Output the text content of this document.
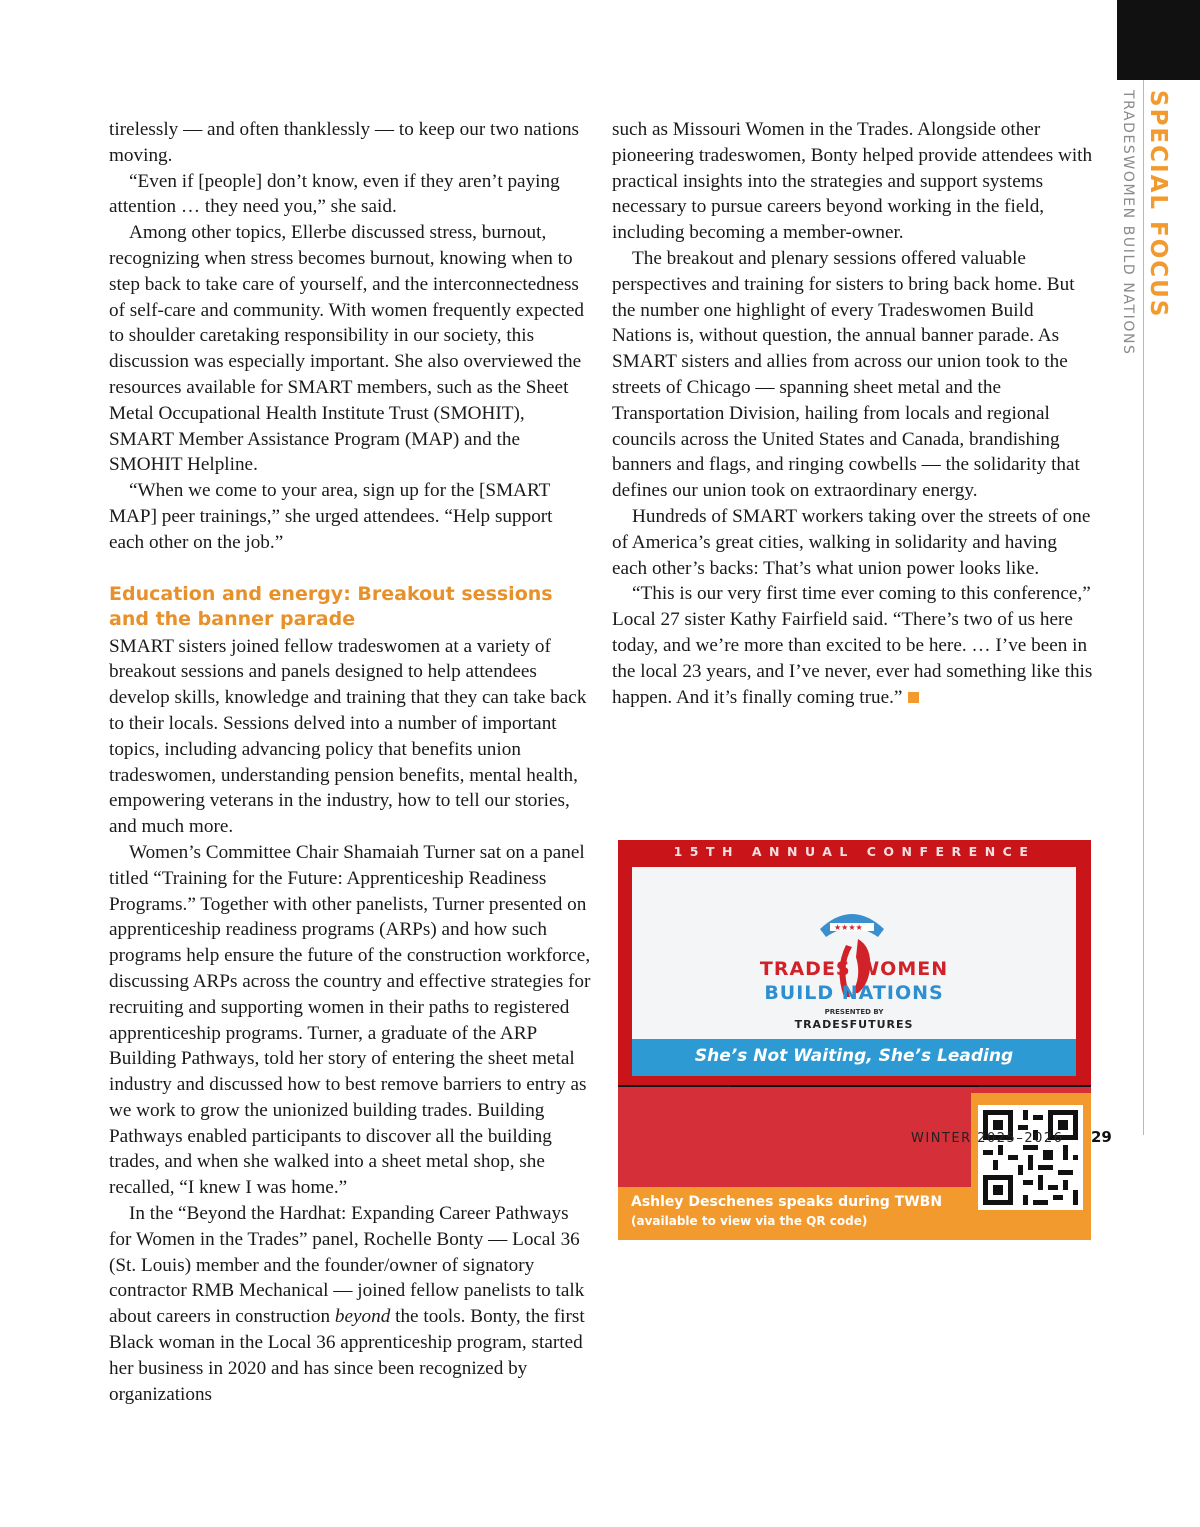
SPECIAL FOCUS
TRADESWOMEN BUILD NATIONS

tirelessly — and often thanklessly — to keep our two nations moving.

“Even if [people] don’t know, even if they aren’t paying attention … they need you,” she said.

Among other topics, Ellerbe discussed stress, burnout, recognizing when stress becomes burnout, knowing when to step back to take care of yourself, and the interconnectedness of self-care and community. With women frequently expected to shoulder caretaking responsibility in our society, this discussion was especially important. She also overviewed the resources available for SMART members, such as the Sheet Metal Occupational Health Institute Trust (SMOHIT), SMART Member Assistance Program (MAP) and the SMOHIT Helpline.

“When we come to your area, sign up for the [SMART MAP] peer trainings,” she urged attendees. “Help support each other on the job.”

Education and energy: Breakout sessions and the banner parade

SMART sisters joined fellow tradeswomen at a variety of breakout sessions and panels designed to help attendees develop skills, knowledge and training that they can take back to their locals. Sessions delved into a number of important topics, including advancing policy that benefits union tradeswomen, understanding pension benefits, mental health, empowering veterans in the industry, how to tell our stories, and much more.

Women’s Committee Chair Shamaiah Turner sat on a panel titled “Training for the Future: Apprenticeship Readiness Programs.” Together with other panelists, Turner presented on apprenticeship readiness programs (ARPs) and how such programs help ensure the future of the construction workforce, discussing ARPs across the country and effective strategies for recruiting and supporting women in their paths to registered apprenticeship programs. Turner, a graduate of the ARP Building Pathways, told her story of entering the sheet metal industry and discussed how to best remove barriers to entry as we work to grow the unionized building trades. Building Pathways enabled participants to discover all the building trades, and when she walked into a sheet metal shop, she recalled, “I knew I was home.”

In the “Beyond the Hardhat: Expanding Career Pathways for Women in the Trades” panel, Rochelle Bonty — Local 36 (St. Louis) member and the founder/owner of signatory contractor RMB Mechanical — joined fellow panelists to talk about careers in construction beyond the tools. Bonty, the first Black woman in the Local 36 apprenticeship program, started her business in 2020 and has since been recognized by organizations

such as Missouri Women in the Trades. Alongside other pioneering tradeswomen, Bonty helped provide attendees with practical insights into the strategies and support systems necessary to pursue careers beyond working in the field, including becoming a member-owner.

The breakout and plenary sessions offered valuable perspectives and training for sisters to bring back home. But the number one highlight of every Tradeswomen Build Nations is, without question, the annual banner parade. As SMART sisters and allies from across our union took to the streets of Chicago — spanning sheet metal and the Transportation Division, hailing from locals and regional councils across the United States and Canada, brandishing banners and flags, and ringing cowbells — the solidarity that defines our union took on extraordinary energy.

Hundreds of SMART workers taking over the streets of one of America’s great cities, walking in solidarity and having each other’s backs: That’s what union power looks like.

“This is our very first time ever coming to this conference,” Local 27 sister Kathy Fairfield said. “There’s two of us here today, and we’re more than excited to be here. … I’ve been in the local 23 years, and I’ve never, ever had something like this happen. And it’s finally coming true.”

15TH ANNUAL CONFERENCE
★★★★
TRADES WOMEN
BUILD NATIONS
PRESENTED BY
TRADESFUTURES
She’s Not Waiting, She’s Leading
Ashley Deschenes speaks during TWBN
(available to view via the QR code)
WINTER 2025–2026 29
